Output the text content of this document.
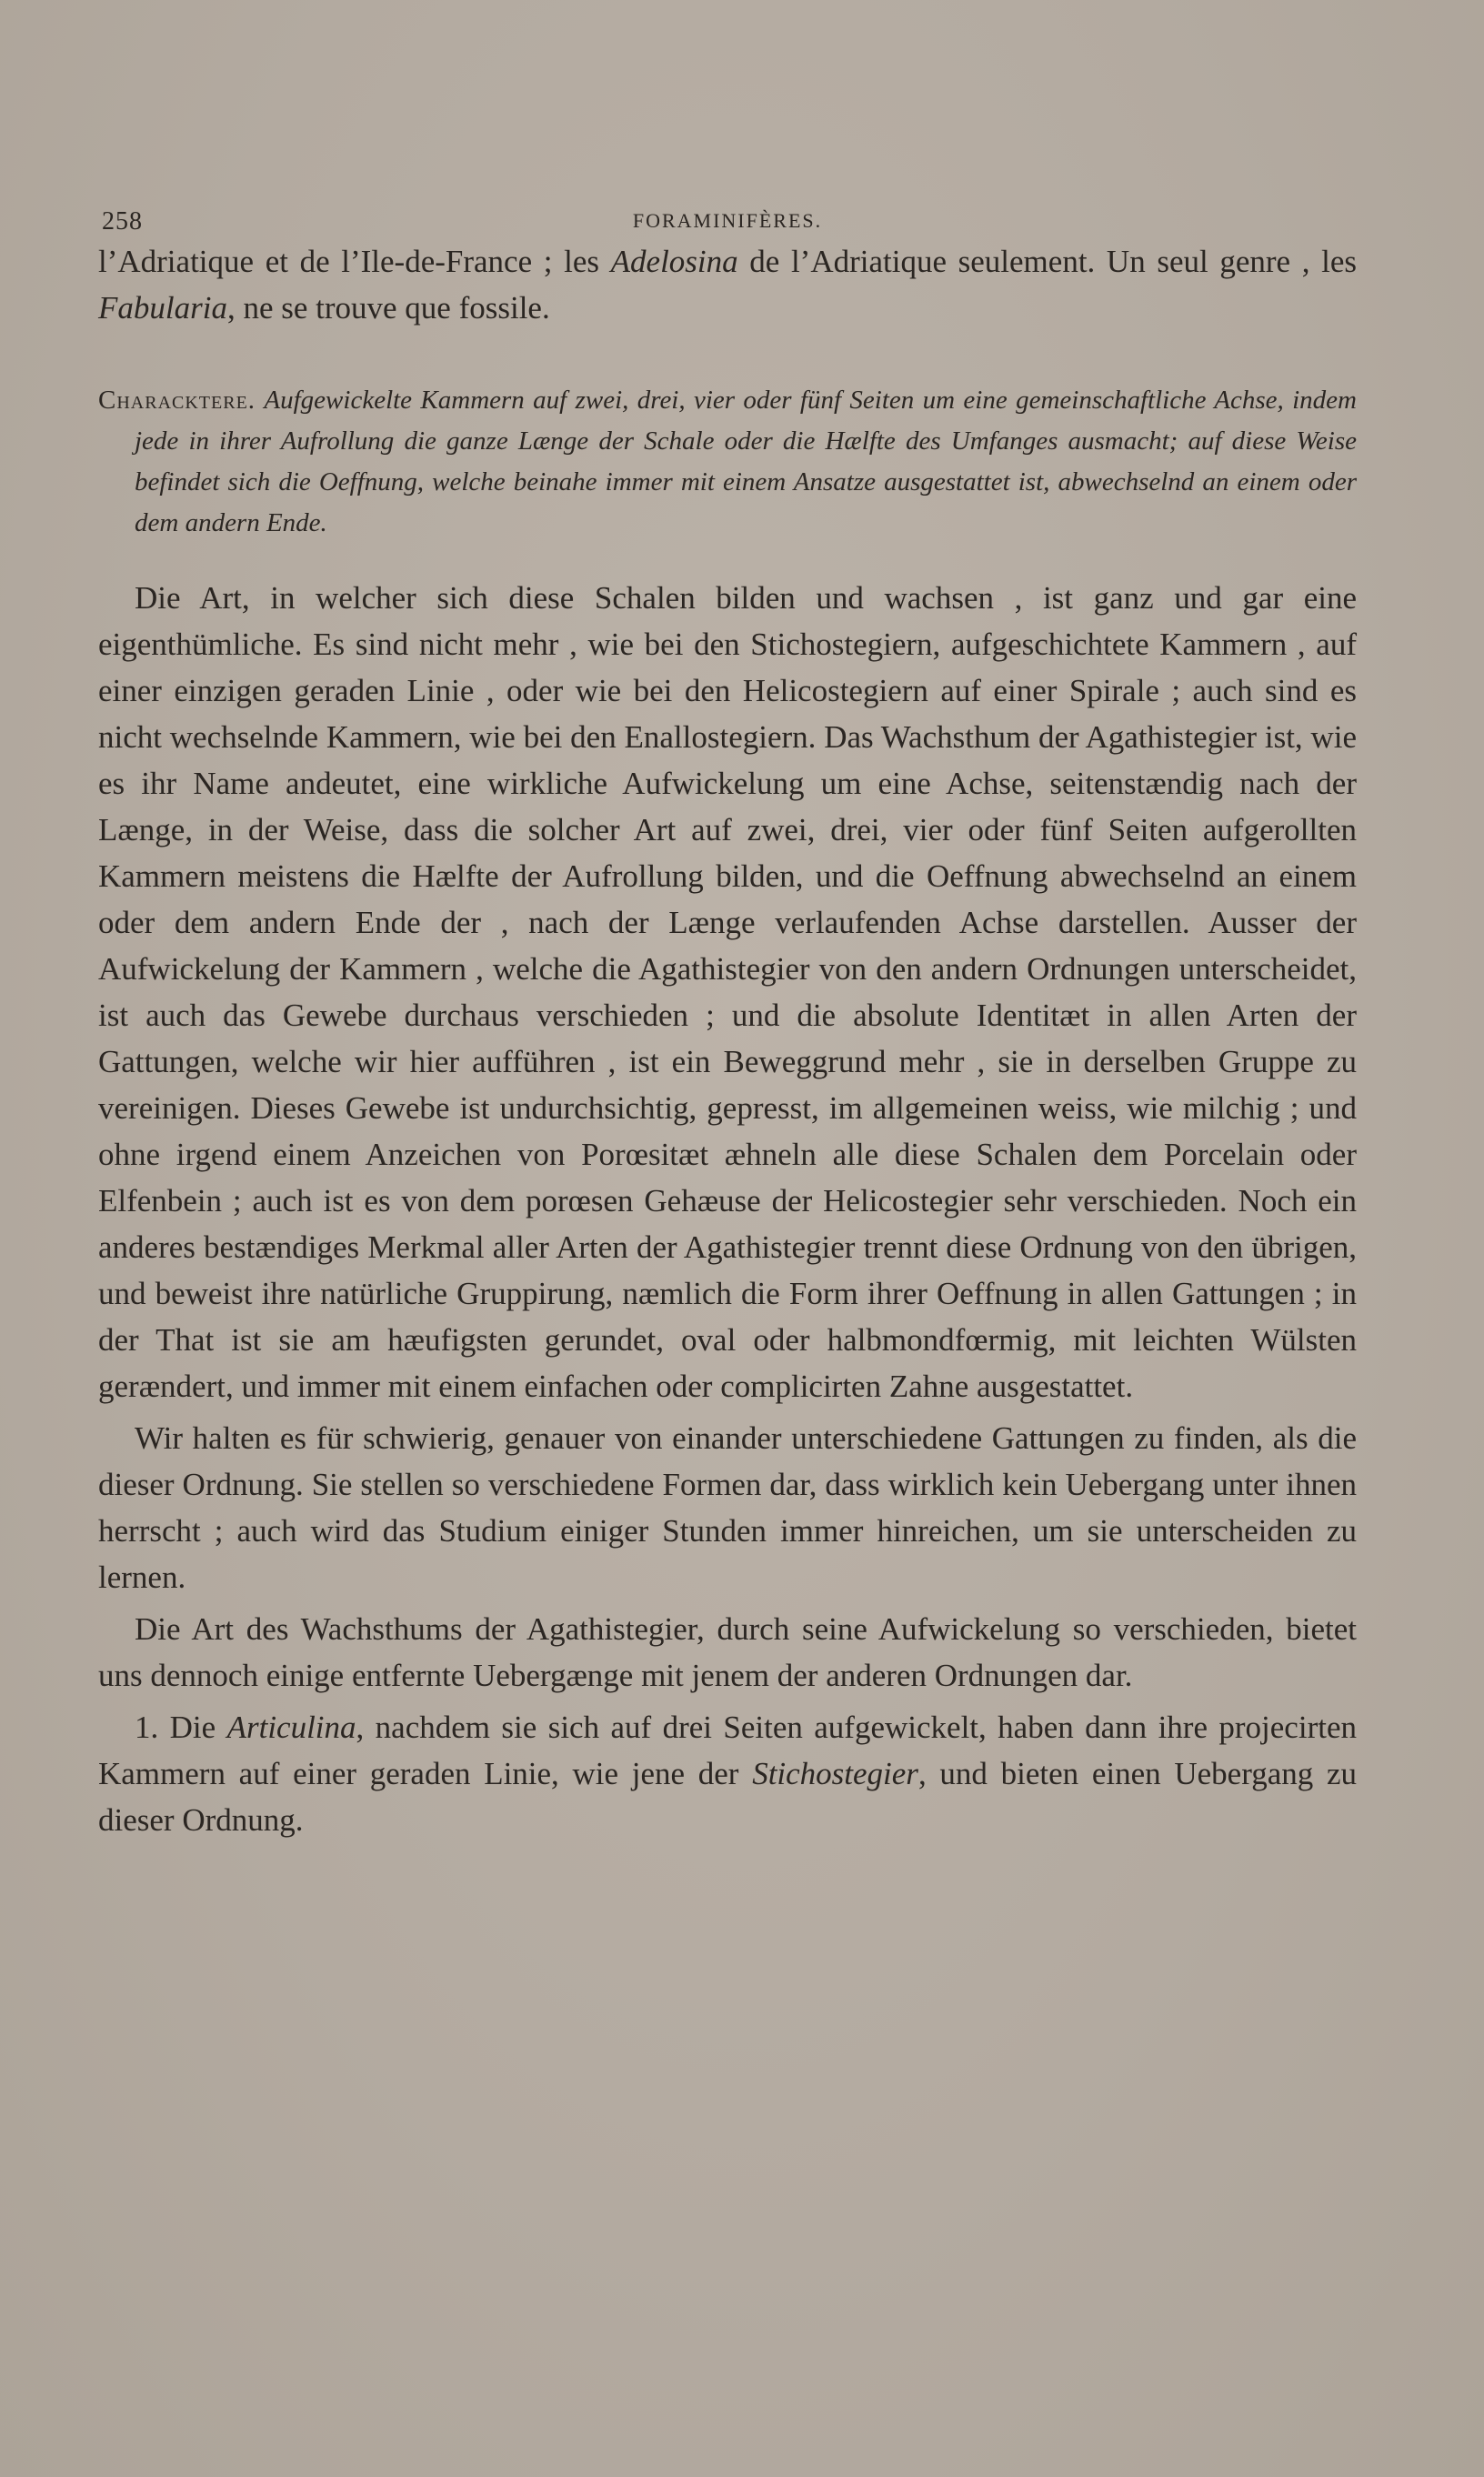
258	FORAMINIFÈRES.

l’Adriatique et de l’Ile-de-France ; les Adelosina de l’Adriatique seulement. Un seul genre , les Fabularia, ne se trouve que fossile.

Characktere. Aufgewickelte Kammern auf zwei, drei, vier oder fünf Seiten um eine gemeinschaftliche Achse, indem jede in ihrer Aufrollung die ganze Længe der Schale oder die Hælfte des Umfanges ausmacht; auf diese Weise befindet sich die Oeffnung, welche beinahe immer mit einem Ansatze ausgestattet ist, abwechselnd an einem oder dem andern Ende.

Die Art, in welcher sich diese Schalen bilden und wachsen , ist ganz und gar eine eigenthümliche. Es sind nicht mehr , wie bei den Stichostegiern, aufgeschichtete Kammern , auf einer einzigen geraden Linie , oder wie bei den Helicostegiern auf einer Spirale ; auch sind es nicht wechselnde Kammern, wie bei den Enallostegiern. Das Wachsthum der Agathistegier ist, wie es ihr Name andeutet, eine wirkliche Aufwickelung um eine Achse, seitenstændig nach der Længe, in der Weise, dass die solcher Art auf zwei, drei, vier oder fünf Seiten aufgerollten Kammern meistens die Hælfte der Aufrollung bilden, und die Oeffnung abwechselnd an einem oder dem andern Ende der , nach der Længe verlaufenden Achse darstellen. Ausser der Aufwickelung der Kammern , welche die Agathistegier von den andern Ordnungen unterscheidet, ist auch das Gewebe durchaus verschieden ; und die absolute Identitæt in allen Arten der Gattungen, welche wir hier aufführen , ist ein Beweggrund mehr , sie in derselben Gruppe zu vereinigen. Dieses Gewebe ist undurchsichtig, gepresst, im allgemeinen weiss, wie milchig ; und ohne irgend einem Anzeichen von Porœsitæt æhneln alle diese Schalen dem Porcelain oder Elfenbein ; auch ist es von dem porœsen Gehæuse der Helicostegier sehr verschieden. Noch ein anderes bestændiges Merkmal aller Arten der Agathistegier trennt diese Ordnung von den übrigen, und beweist ihre natürliche Gruppirung, næmlich die Form ihrer Oeffnung in allen Gattungen ; in der That ist sie am hæufigsten gerundet, oval oder halbmondfœrmig, mit leichten Wülsten gerændert, und immer mit einem einfachen oder complicirten Zahne ausgestattet.

Wir halten es für schwierig, genauer von einander unterschiedene Gattungen zu finden, als die dieser Ordnung. Sie stellen so verschiedene Formen dar, dass wirklich kein Uebergang unter ihnen herrscht ; auch wird das Studium einiger Stunden immer hinreichen, um sie unterscheiden zu lernen.

Die Art des Wachsthums der Agathistegier, durch seine Aufwickelung so verschieden, bietet uns dennoch einige entfernte Uebergænge mit jenem der anderen Ordnungen dar.

1. Die Articulina, nachdem sie sich auf drei Seiten aufgewickelt, haben dann ihre projecirten Kammern auf einer geraden Linie, wie jene der Stichostegier, und bieten einen Uebergang zu dieser Ordnung.
